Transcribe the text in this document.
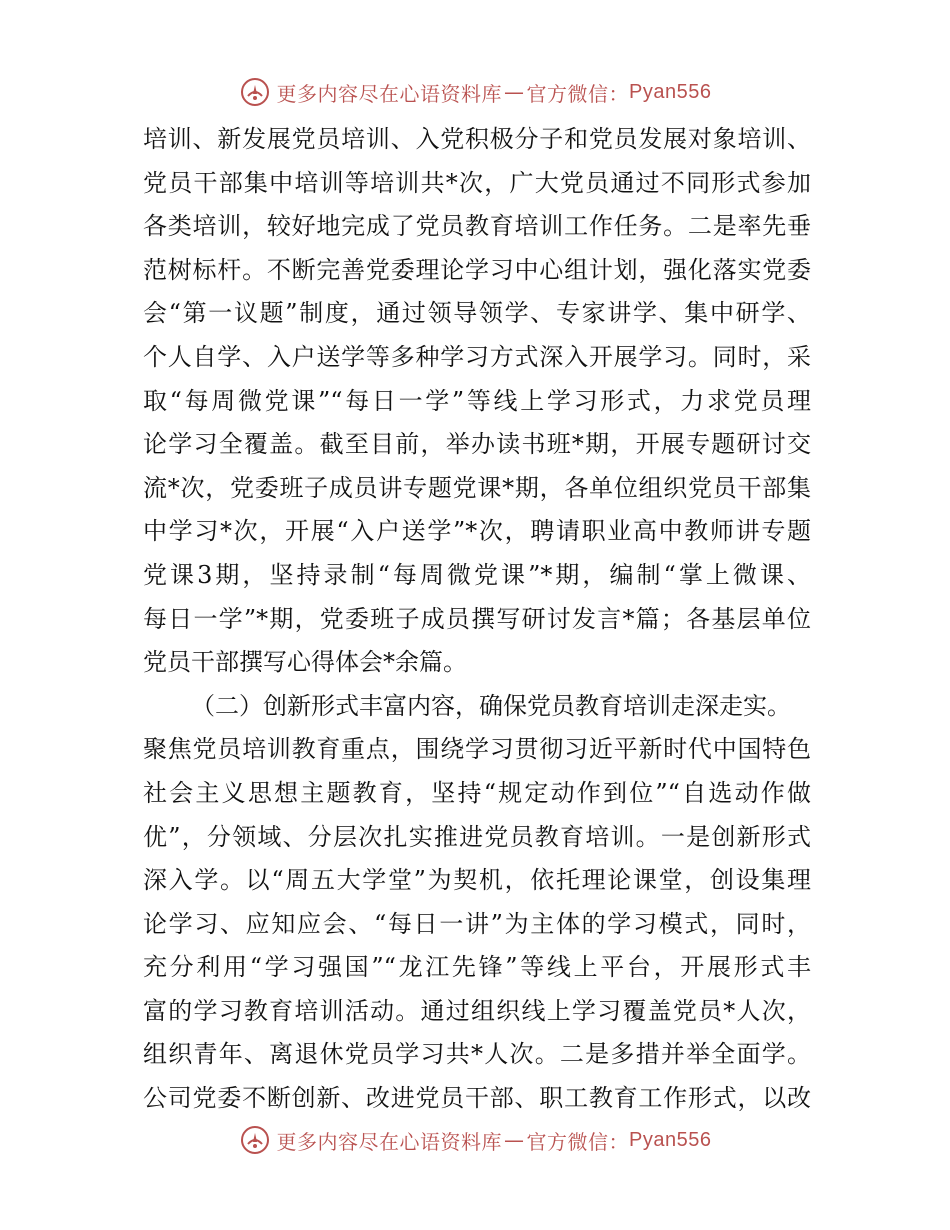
更多内容尽在心语资料库 — 官方微信： Pyan556
培训、新发展党员培训、入党积极分子和党员发展对象培训、
党员干部集中培训等培训共*次，广大党员通过不同形式参加
各类培训，较好地完成了党员教育培训工作任务。二是率先垂
范树标杆。不断完善党委理论学习中心组计划，强化落实党委
会“第一议题”制度，通过领导领学、专家讲学、集中研学、
个人自学、入户送学等多种学习方式深入开展学习。同时，采
取“每周微党课”“每日一学”等线上学习形式，力求党员理
论学习全覆盖。截至目前，举办读书班*期，开展专题研讨交
流*次，党委班子成员讲专题党课*期，各单位组织党员干部集
中学习*次，开展“入户送学”*次，聘请职业高中教师讲专题
党课3期，坚持录制“每周微党课”*期，编制“掌上微课、
每日一学”*期，党委班子成员撰写研讨发言*篇；各基层单位
党员干部撰写心得体会*余篇。
（二）创新形式丰富内容，确保党员教育培训走深走实。
聚焦党员培训教育重点，围绕学习贯彻习近平新时代中国特色
社会主义思想主题教育，坚持“规定动作到位”“自选动作做
优”，分领域、分层次扎实推进党员教育培训。一是创新形式
深入学。以“周五大学堂”为契机，依托理论课堂，创设集理
论学习、应知应会、“每日一讲”为主体的学习模式，同时，
充分利用“学习强国”“龙江先锋”等线上平台，开展形式丰
富的学习教育培训活动。通过组织线上学习覆盖党员*人次，
组织青年、离退休党员学习共*人次。二是多措并举全面学。
公司党委不断创新、改进党员干部、职工教育工作形式，以改
更多内容尽在心语资料库 — 官方微信： Pyan556
